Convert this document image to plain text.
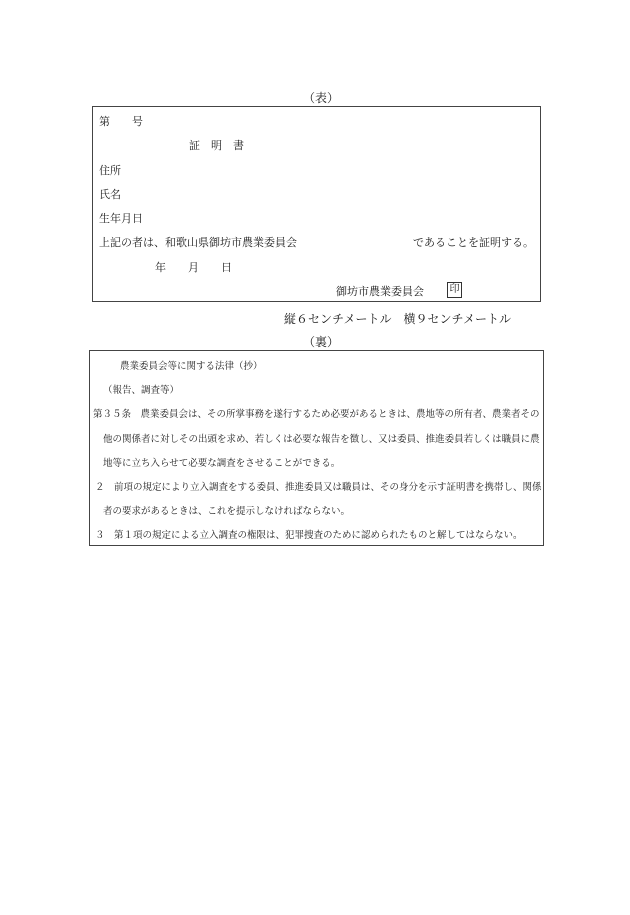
（表）
第　　号
証　明　書
住所
氏名
生年月日
上記の者は、和歌山県御坊市農業委員会	であることを証明する。
年　　月　　日
御坊市農業委員会	印
縦６センチメートル　横９センチメートル
（裏）
農業委員会等に関する法律（抄）
（報告、調査等）
第３５条　農業委員会は、その所掌事務を遂行するため必要があるときは、農地等の所有者、農業者その
他の関係者に対しその出頭を求め、若しくは必要な報告を徴し、又は委員、推進委員若しくは職員に農
地等に立ち入らせて必要な調査をさせることができる。
２　前項の規定により立入調査をする委員、推進委員又は職員は、その身分を示す証明書を携帯し、関係
者の要求があるときは、これを提示しなければならない。
３　第１項の規定による立入調査の権限は、犯罪捜査のために認められたものと解してはならない。
